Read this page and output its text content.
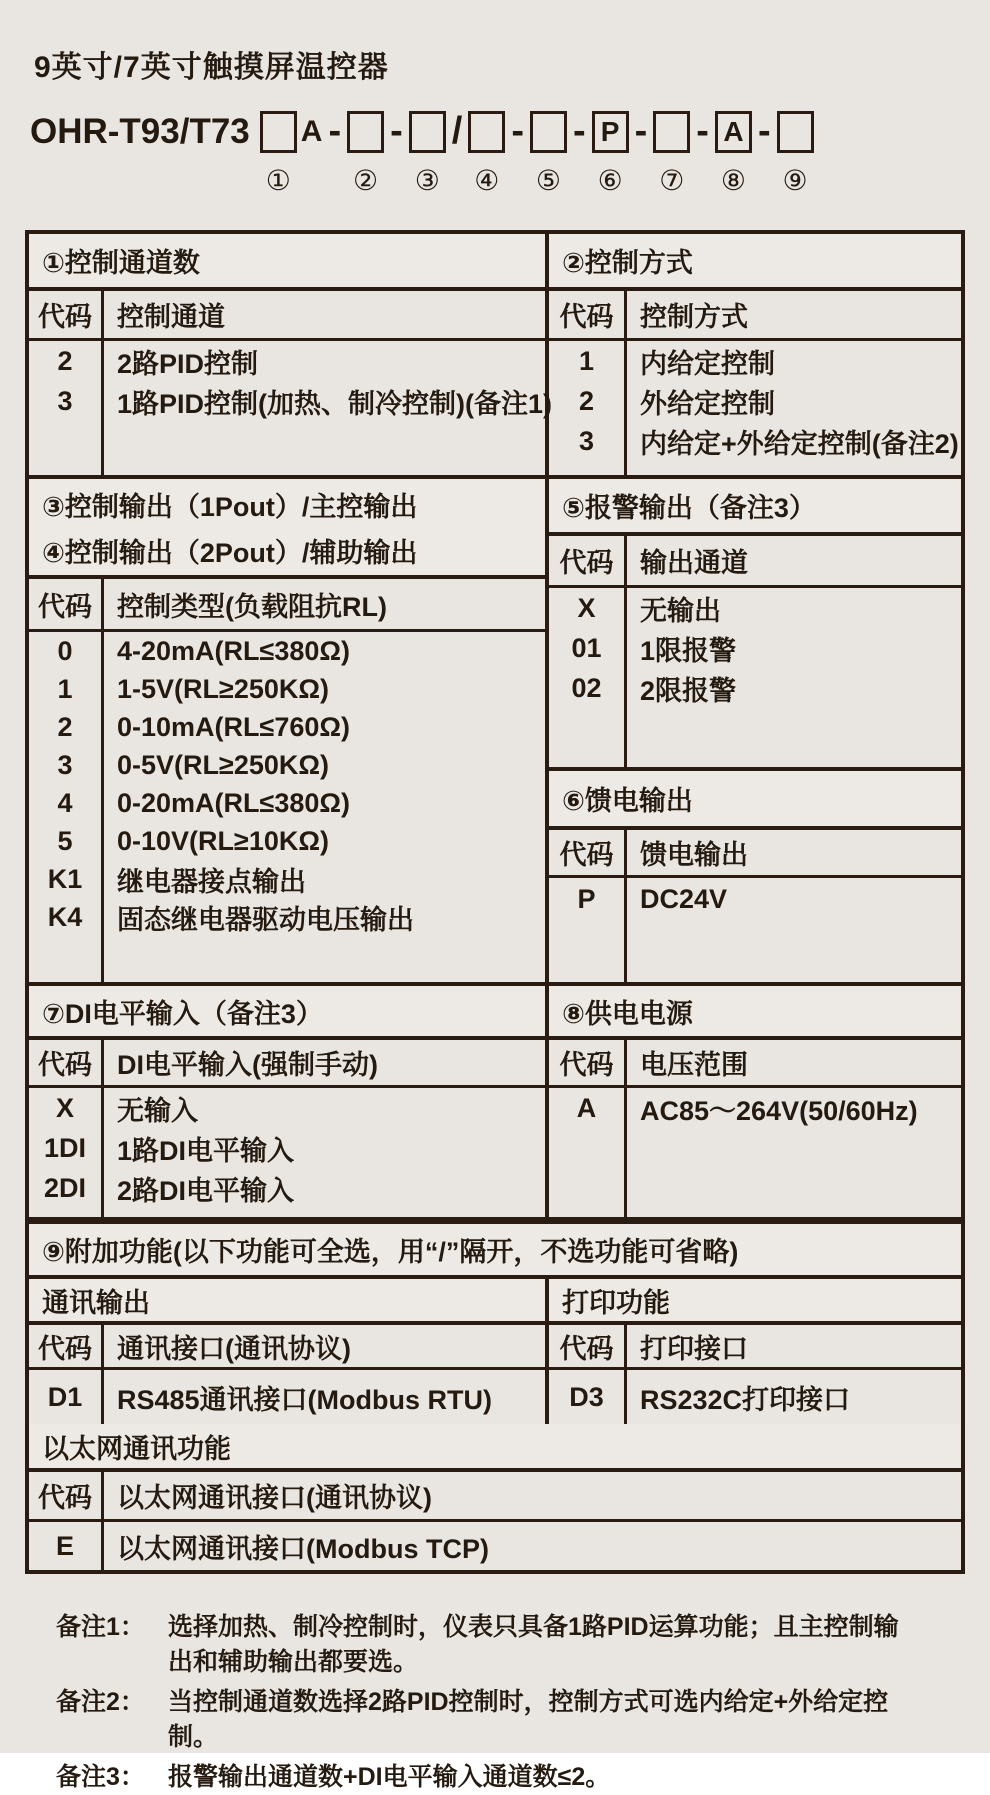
9英寸/7英寸触摸屏温控器
OHR-T93/T73 A
①
-
②
-
③
/
④
-
⑤
- P
⑥
-
⑦
- A
⑧
-
⑨
①控制通道数
代码
2
3
控制通道
2路PID控制
1路PID控制(加热、制冷控制)(备注1)
②控制方式
代码
1
2
3
控制方式
内给定控制
外给定控制
内给定+外给定控制(备注2)
③控制输出（1Pout）/主控输出
④控制输出（2Pout）/辅助输出
代码
0
1
2
3
4
5
K1
K4
控制类型(负载阻抗RL)
4-20mA(RL≤380Ω)
1-5V(RL≥250KΩ)
0-10mA(RL≤760Ω)
0-5V(RL≥250KΩ)
0-20mA(RL≤380Ω)
0-10V(RL≥10KΩ)
继电器接点输出
固态继电器驱动电压输出
⑤报警输出（备注3）
代码
X
01
02
输出通道
无输出
1限报警
2限报警
⑥馈电输出
代码
P
馈电输出
DC24V
⑦DI电平输入（备注3）
代码
X
1DI
2DI
DI电平输入(强制手动)
无输入
1路DI电平输入
2路DI电平输入
⑧供电电源
代码
A
电压范围
AC85～264V(50/60Hz)
⑨附加功能(以下功能可全选，用“/”隔开，不选功能可省略)
通讯输出
代码
D1
通讯接口(通讯协议)
RS485通讯接口(Modbus RTU)
打印功能
代码
D3
打印接口
RS232C打印接口
以太网通讯功能
代码
E
以太网通讯接口(通讯协议)
以太网通讯接口(Modbus TCP)
备注1： 选择加热、制冷控制时，仪表只具备1路PID运算功能；且主控制输出和辅助输出都要选。
备注2： 当控制通道数选择2路PID控制时，控制方式可选内给定+外给定控制。
备注3： 报警输出通道数+DI电平输入通道数≤2。
